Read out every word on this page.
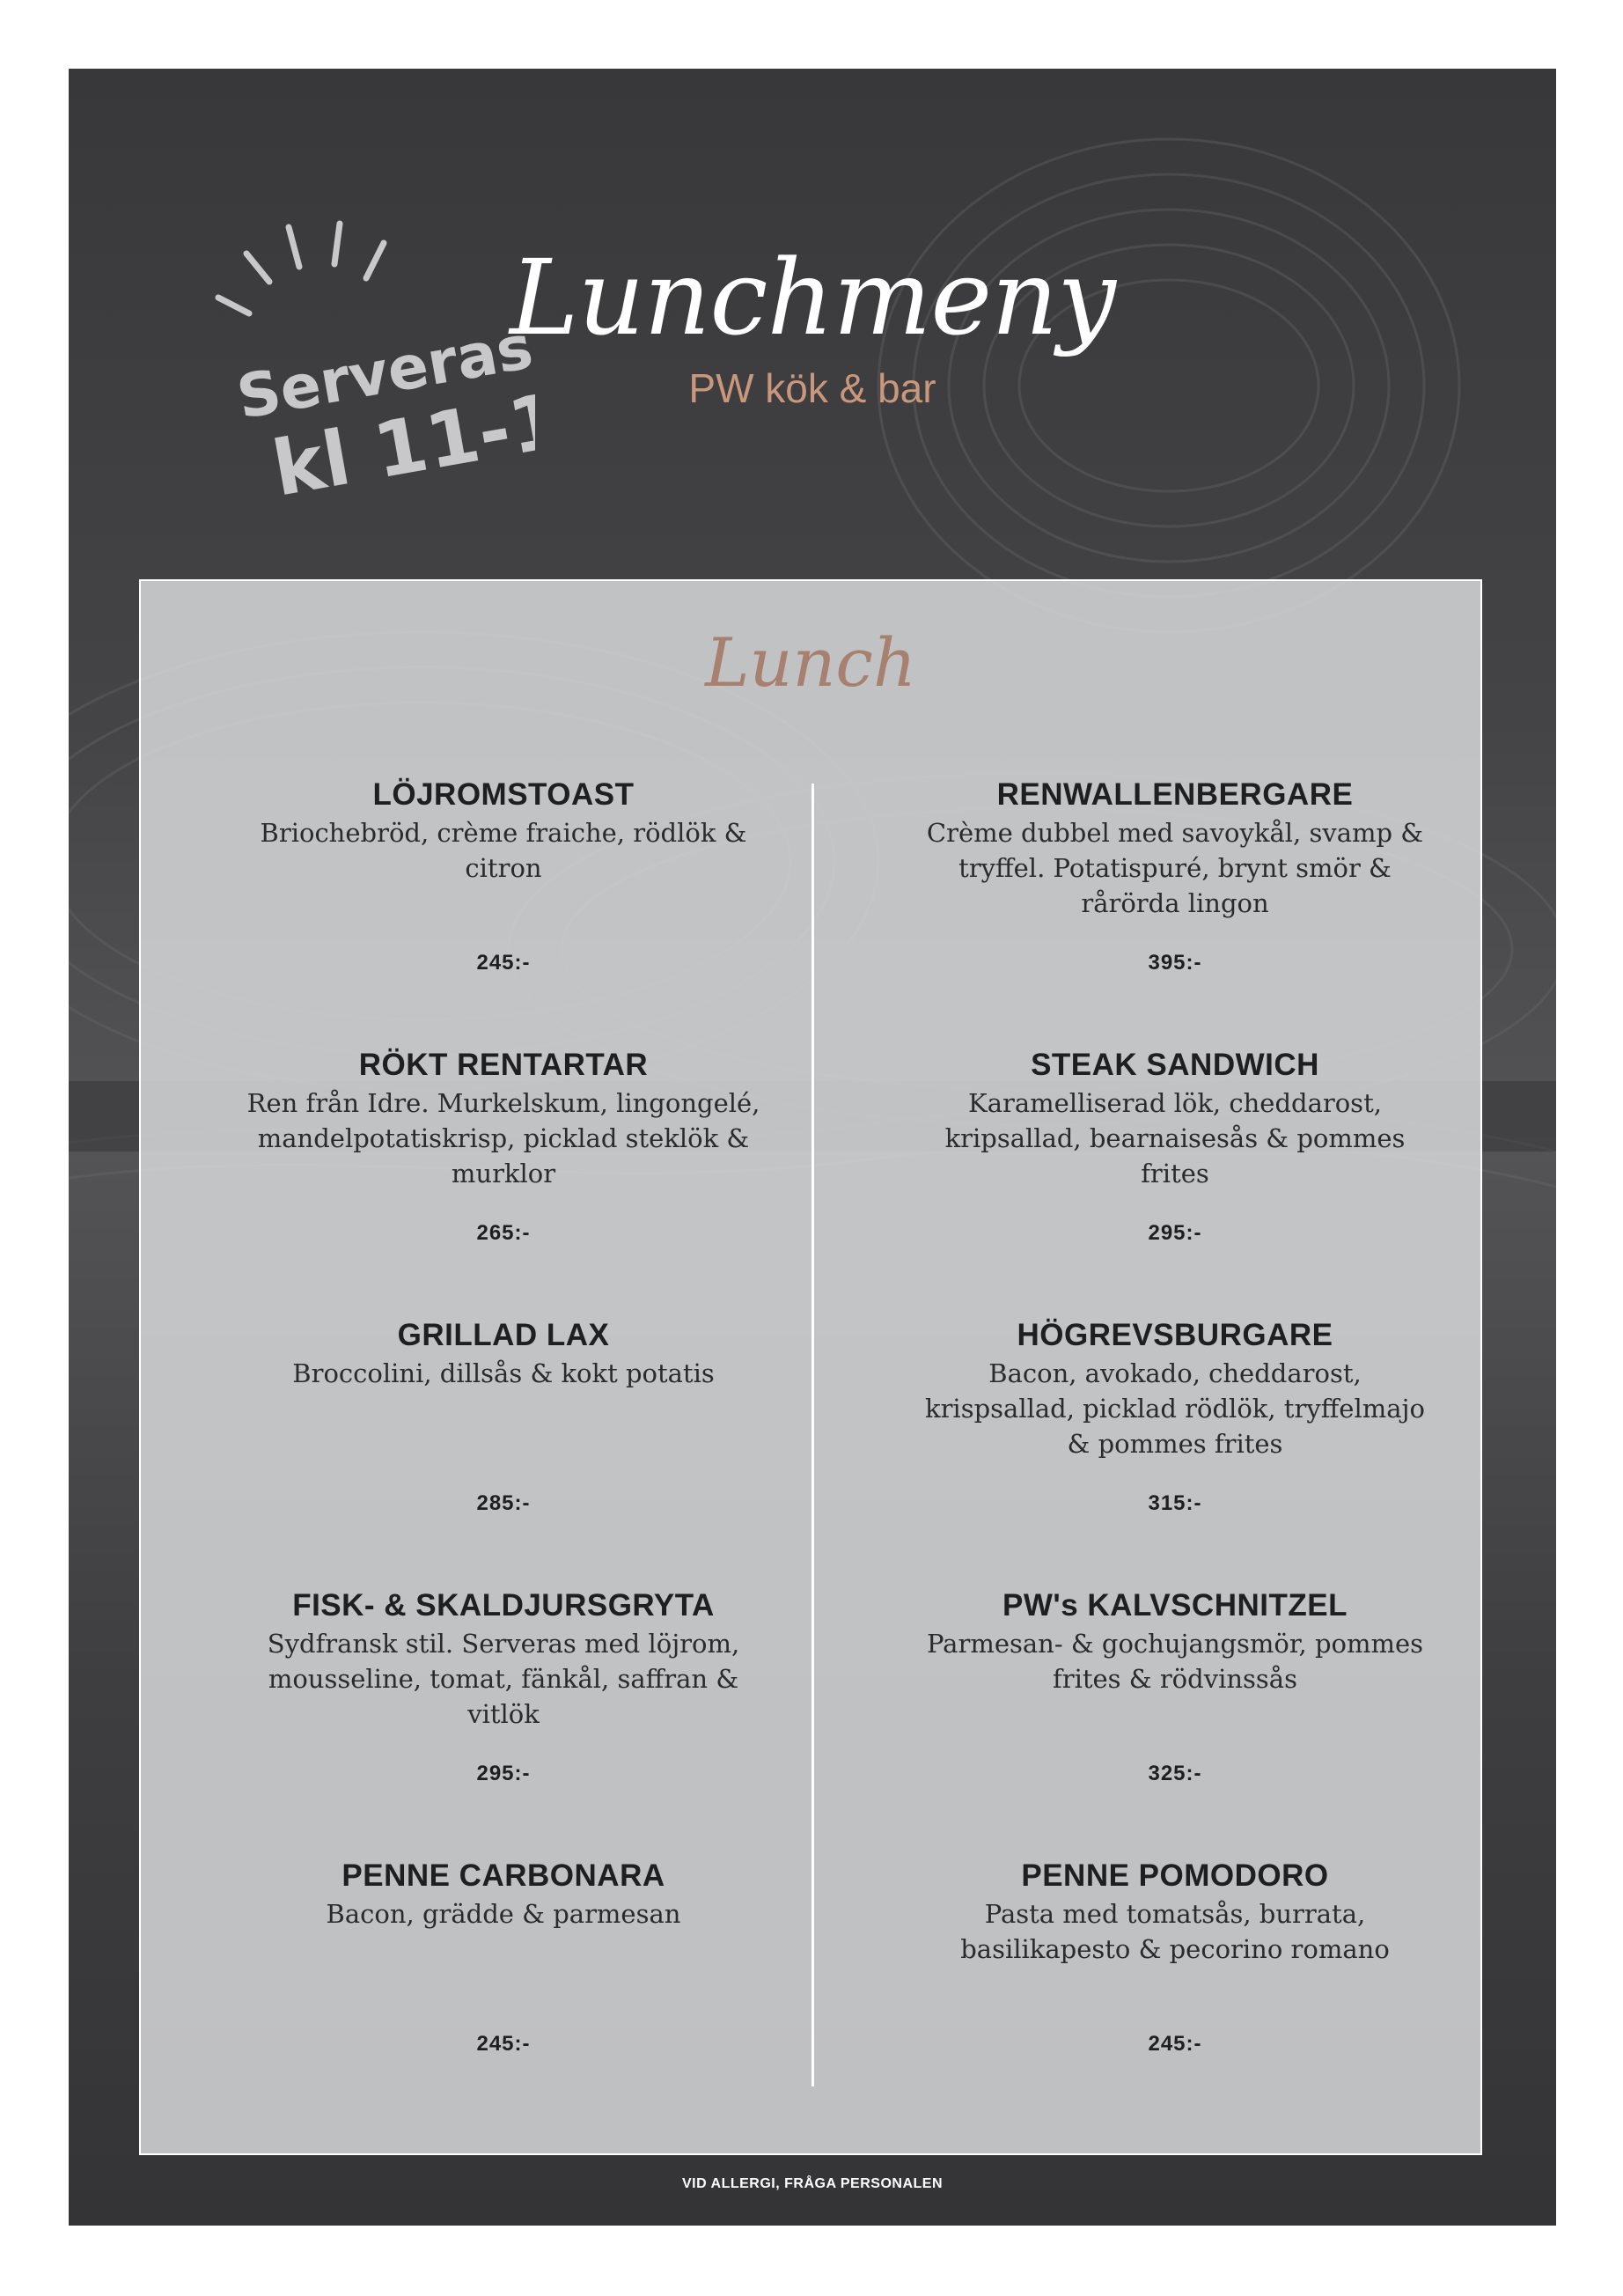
Serveras
kl 11-17
Lunchmeny
PW kök & bar
Lunch
LÖJROMSTOAST
Briochebröd, crème fraiche, rödlök & citron
245:-
RÖKT RENTARTAR
Ren från Idre. Murkelskum, lingongelé, mandelpotatiskrisp, picklad steklök & murklor
265:-
GRILLAD LAX
Broccolini, dillsås & kokt potatis
285:-
FISK- & SKALDJURSGRYTA
Sydfransk stil. Serveras med löjrom, mousseline, tomat, fänkål, saffran & vitlök
295:-
PENNE CARBONARA
Bacon, grädde & parmesan
245:-
RENWALLENBERGARE
Crème dubbel med savoykål, svamp & tryffel. Potatispuré, brynt smör & rårörda lingon
395:-
STEAK SANDWICH
Karamelliserad lök, cheddarost, kripsallad, bearnaisesås & pommes frites
295:-
HÖGREVSBURGARE
Bacon, avokado, cheddarost, krispsallad, picklad rödlök, tryffelmajo & pommes frites
315:-
PW's KALVSCHNITZEL
Parmesan- & gochujangsmör, pommes frites & rödvinssås
325:-
PENNE POMODORO
Pasta med tomatsås, burrata, basilikapesto & pecorino romano
245:-
VID ALLERGI, FRÅGA PERSONALEN
